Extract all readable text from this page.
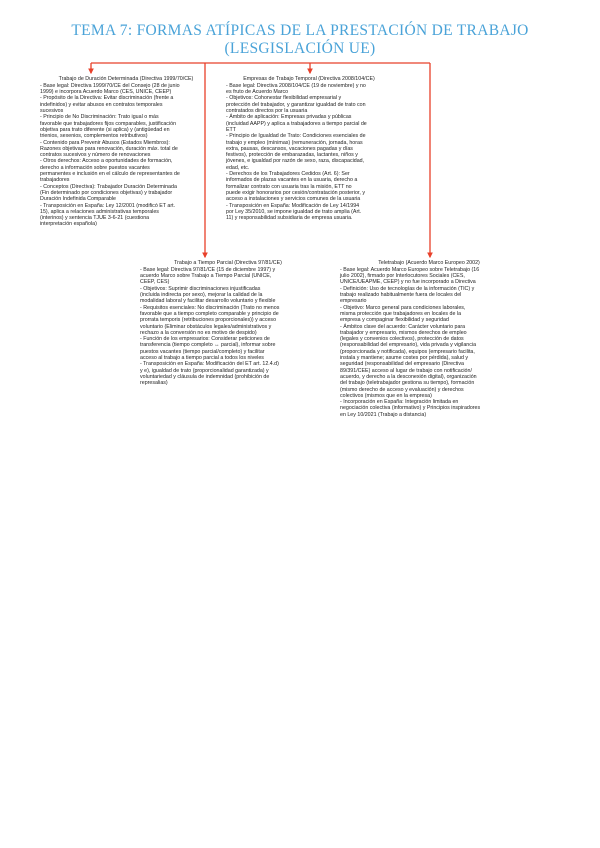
TEMA 7: FORMAS ATÍPICAS DE LA PRESTACIÓN DE TRABAJO
(LESGISLACIÓN UE)
Trabajo de Duración Determinada (Directiva 1999/70/CE)
- Base legal: Directiva 1999/70/CE del Consejo (28 de junio
1999) e incorpora Acuerdo Marco (CES, UNICE, CEEP)
- Propósito de la Directiva: Evitar discriminación (frente a
indefinidos) y evitar abusos en contratos temporales
sucesivos
- Principio de No Discriminación: Trato igual o más
favorable que trabajadores fijos comparables, justificación
objetiva para trato diferente (si aplica) y (antigüedad en
trienios, sexenios, complementos retributivos)
- Contenido para Prevenir Abusos (Estados Miembros):
Razones objetivas para renovación, duración máx. total de
contratos sucesivos y número de renovaciones
- Otros derechos: Acceso a oportunidades de formación,
derecho a información sobre puestos vacantes
permanentes e inclusión en el cálculo de representantes de
trabajadores
- Conceptos (Directiva): Trabajador Duración Determinada
(Fin determinado por condiciones objetivas) y trabajador
Duración Indefinida Comparable
- Transposición en España: Ley 12/2001 (modificó ET art.
15), aplica a relaciones administrativas temporales
(interinos) y sentencia TJUE 3-6-21 (cuestiona
interpretación española)
Empresas de Trabajo Temporal (Directiva 2008/104/CE)
- Base legal: Directiva 2008/104/CE (19 de noviembre) y no
es fruto de Acuerdo Marco
- Objetivos: Cohonestar flexibilidad empresarial y
protección del trabajador, y garantizar igualdad de trato con
contratados directos por la usuaria
- Ámbito de aplicación: Empresas privadas y públicas
(incluidad AAPP) y aplica a trabajadores a tiempo parcial de
ETT
- Principio de Igualdad de Trato: Condiciones esenciales de
trabajo y empleo (mínimas) (remuneración, jornada, horas
extra, pausas, descansos, vacaciones pagadas y días
festivos), protección de embarazadas, lactantes, niños y
jóvenes, e igualdad por razón de sexo, raza, discapacidad,
edad, etc.
- Derechos de los Trabajadores Cedidos (Art. 6): Ser
informados de plazas vacantes en la usuaria, derecho a
formalizar contrato con usuaria tras la misión, ETT no
puede exigir honorarios por cesión/contratación posterior, y
acceso a instalaciones y servicios comunes de la usuaria
- Transposición en España: Modificación de Ley 14/1994
por Ley 35/2010, se impone igualdad de trato amplia (Art.
11) y responsabilidad subsidiaria de empresa usuaria.
Trabajo a Tiempo Parcial (Directiva 97/81/CE)
- Base legal: Directiva 97/81/CE (15 de diciembre 1997) y
acuerdo Marco sobre Trabajo a Tiempo Parcial (UNICE,
CEEP, CES)
- Objetivos: Suprimir discriminaciones injustificadas
(incluida indirecta por sexo), mejorar la calidad de la
modalidad laboral y facilitar desarrollo voluntario y flexible
- Requisitos esenciales: No discriminación (Trato no menos
favorable que a tiempo completo comparable y principio de
prorrata temporis (retribuciones proporcionales)) y acceso
voluntario (Eliminar obstáculos legales/administrativos y
rechazo a la conversión no es motivo de despido)
- Función de los empresarios: Considerar peticiones de
transferencia (tiempo completo ↔ parcial), informar sobre
puestos vacantes (tiempo parcial/completo) y facilitar
acceso al trabajo a tiempo parcial a todos los niveles
- Transposición en España: Modificación del ET art. 12.4.d)
y e), igualdad de trato (proporcionalidad garantizada) y
voluntariedad y cláusula de indemnidad (prohibición de
represalias)
Teletrabajo (Acuerdo Marco Europeo 2002)
- Base legal: Acuerdo Marco Europeo sobre Teletrabajo (16
julio 2002), firmado por Interlocutores Sociales (CES,
UNICE/UEAPME, CEEP) y no fue incorporado a Directiva
- Definición: Uso de tecnologías de la información (TIC) y
trabajo realizado habitualmente fuera de locales del
empresario
- Objetivo: Marco general para condiciones laborales,
misma protección que trabajadores en locales de la
empresa y compaginar flexibilidad y seguridad
- Ámbitos clave del acuerdo: Carácter voluntario para
trabajador y empresario, mismos derechos de empleo
(legales y convenios colectivos), protección de datos
(responsabilidad del empresario), vida privada y vigilancia
(proporcionada y notificada), equipos (empresario facilita,
instala y mantiene; asume costes por pérdida), salud y
seguridad (responsabilidad del empresario (Directiva
89/391/CEE) acceso al lugar de trabajo con notificación/
acuerdo, y derecho a la desconexión digital), organización
del trabajo (teletrabajador gestiona su tiempo), formación
(mismo derecho de acceso y evaluación) y derechos
colectivos (mismos que en la empresa)
- Incorporación en España: Integración limitada en
negociación colectiva (informativo) y Principios inspiradores
en Ley 10/2021 (Trabajo a distancia)
